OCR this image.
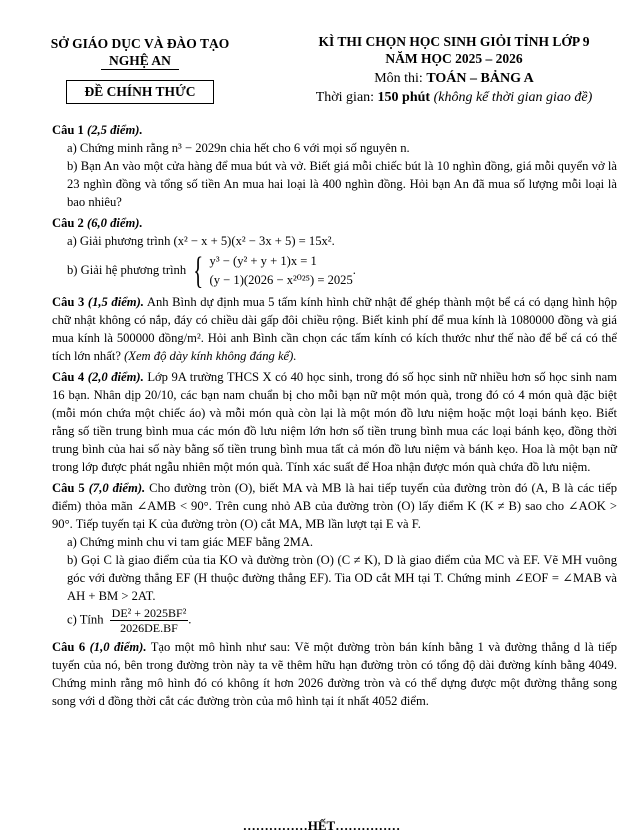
SỞ GIÁO DỤC VÀ ĐÀO TẠO
NGHỆ AN
ĐỀ CHÍNH THỨC
KÌ THI CHỌN HỌC SINH GIỎI TỈNH LỚP 9
NĂM HỌC 2025 – 2026
Môn thi: TOÁN – BẢNG A
Thời gian: 150 phút (không kể thời gian giao đề)

Câu 1 (2,5 điểm).

a) Chứng minh rằng n³ − 2029n chia hết cho 6 với mọi số nguyên n.

b) Bạn An vào một cửa hàng để mua bút và vở. Biết giá mỗi chiếc bút là 10 nghìn đồng, giá mỗi quyển vở là 23 nghìn đồng và tổng số tiền An mua hai loại là 400 nghìn đồng. Hỏi bạn An đã mua số lượng mỗi loại là bao nhiêu?

Câu 2 (6,0 điểm).

a) Giải phương trình (x² − x + 5)(x² − 3x + 5) = 15x².

b) Giải hệ phương trình { y³ − (y² + y + 1)x = 1
(y − 1)(2026 − x²⁰²⁵) = 2025
.

Câu 3 (1,5 điểm). Anh Bình dự định mua 5 tấm kính hình chữ nhật để ghép thành một bể cá có dạng hình hộp chữ nhật không có nắp, đáy có chiều dài gấp đôi chiều rộng. Biết kinh phí để mua kính là 1080000 đồng và giá mua kính là 500000 đồng/m². Hỏi anh Bình cần chọn các tấm kính có kích thước như thế nào để bể cá có thể tích lớn nhất? (Xem độ dày kính không đáng kể).

Câu 4 (2,0 điểm). Lớp 9A trường THCS X có 40 học sinh, trong đó số học sinh nữ nhiều hơn số học sinh nam 16 bạn. Nhân dịp 20/10, các bạn nam chuẩn bị cho mỗi bạn nữ một món quà, trong đó có 4 món quà đặc biệt (mỗi món chứa một chiếc áo) và mỗi món quà còn lại là một món đồ lưu niệm hoặc một loại bánh kẹo. Biết rằng số tiền trung bình mua các món đồ lưu niệm lớn hơn số tiền trung bình mua các loại bánh kẹo, đồng thời trung bình của hai số này bằng số tiền trung bình mua tất cả món đồ lưu niệm và bánh kẹo. Hoa là một bạn nữ trong lớp được phát ngẫu nhiên một món quà. Tính xác suất để Hoa nhận được món quà chứa đồ lưu niệm.

Câu 5 (7,0 điểm). Cho đường tròn (O), biết MA và MB là hai tiếp tuyến của đường tròn đó (A, B là các tiếp điểm) thỏa mãn ∠AMB < 90°. Trên cung nhỏ AB của đường tròn (O) lấy điểm K (K ≠ B) sao cho ∠AOK > 90°. Tiếp tuyến tại K của đường tròn (O) cắt MA, MB lần lượt tại E và F.

a) Chứng minh chu vi tam giác MEF bằng 2MA.

b) Gọi C là giao điểm của tia KO và đường tròn (O) (C ≠ K), D là giao điểm của MC và EF. Vẽ MH vuông góc với đường thẳng EF (H thuộc đường thẳng EF). Tia OD cắt MH tại T. Chứng minh ∠EOF = ∠MAB và AH + BM > 2AT.

c) Tính $\frac{\text{DE² + 2025BF²}}{2026DE.BF}$ .

Câu 6 (1,0 điểm). Tạo một mô hình như sau: Vẽ một đường tròn bán kính bằng 1 và đường thẳng d là tiếp tuyến của nó, bên trong đường tròn này ta vẽ thêm hữu hạn đường tròn có tổng độ dài đường kính bằng 4049. Chứng minh rằng mô hình đó có không ít hơn 2026 đường tròn và có thể dựng được một đường thẳng song song với d đồng thời cắt các đường tròn của mô hình tại ít nhất 4052 điểm.

……………HẾT……………
